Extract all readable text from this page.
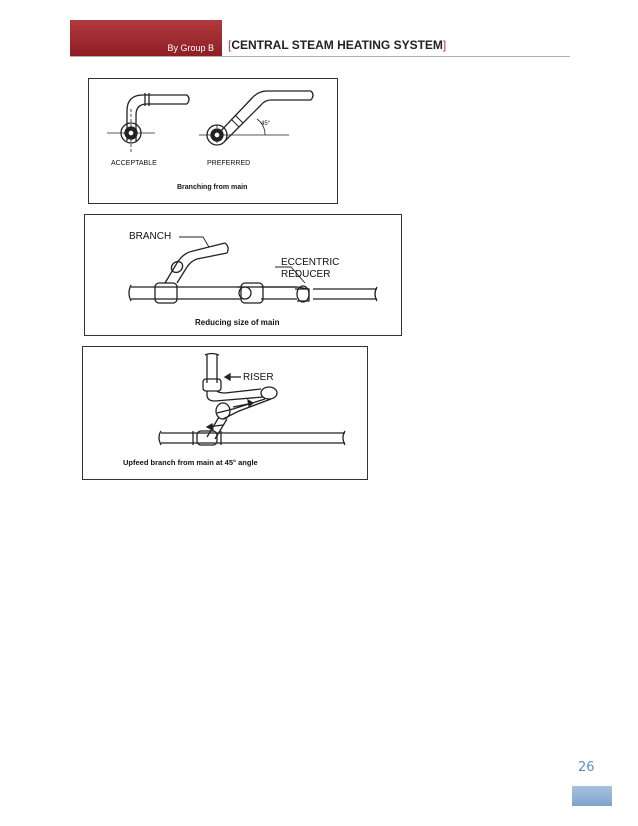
By Group B [CENTRAL STEAM HEATING SYSTEM]
45°
ACCEPTABLE	PREFERRED
Branching from main
BRANCH
ECCENTRIC
REDUCER
Reducing size of main
RISER
Upfeed branch from main at 45° angle
26
